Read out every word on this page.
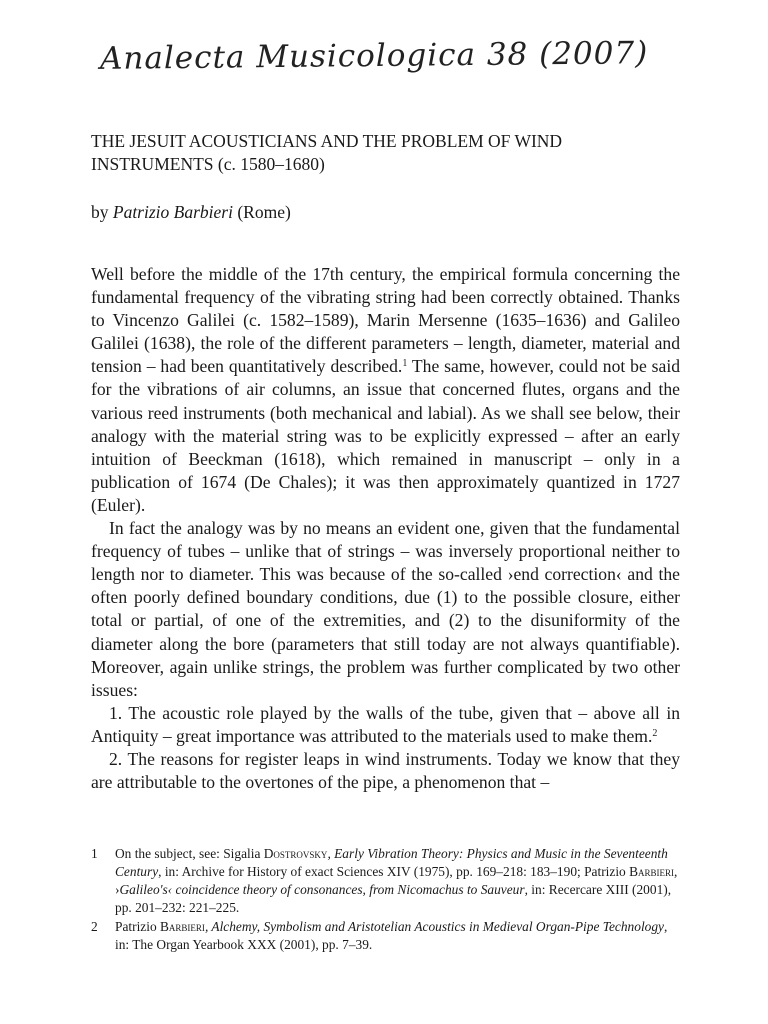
Analecta Musicologica 38 (2007)
THE JESUIT ACOUSTICIANS AND THE PROBLEM OF WIND INSTRUMENTS (c. 1580–1680)
by Patrizio Barbieri (Rome)

Well before the middle of the 17th century, the empirical formula concerning the fundamental frequency of the vibrating string had been correctly obtained. Thanks to Vincenzo Galilei (c. 1582–1589), Marin Mersenne (1635–1636) and Galileo Galilei (1638), the role of the different parameters – length, diameter, material and tension – had been quantitatively described.$^1$ The same, however, could not be said for the vibrations of air columns, an issue that concerned flutes, organs and the various reed instruments (both mechanical and labial). As we shall see below, their analogy with the material string was to be explicitly expressed – after an early intuition of Beeckman (1618), which remained in manuscript – only in a publication of 1674 (De Chales); it was then approximately quantized in 1727 (Euler).

In fact the analogy was by no means an evident one, given that the fundamental frequency of tubes – unlike that of strings – was inversely proportional neither to length nor to diameter. This was because of the so-called ›end correction‹ and the often poorly defined boundary conditions, due (1) to the possible closure, either total or partial, of one of the extremities, and (2) to the disuniformity of the diameter along the bore (parameters that still today are not always quantifiable). Moreover, again unlike strings, the problem was further complicated by two other issues:

1. The acoustic role played by the walls of the tube, given that – above all in Antiquity – great importance was attributed to the materials used to make them.$^2$

2. The reasons for register leaps in wind instruments. Today we know that they are attributable to the overtones of the pipe, a phenomenon that –

1 On the subject, see: Sigalia Dostrovsky, Early Vibration Theory: Physics and Music in the Seventeenth Century, in: Archive for History of exact Sciences XIV (1975), pp. 169–218: 183–190; Patrizio Barbieri, ›Galileo's‹ coincidence theory of consonances, from Nicomachus to Sauveur, in: Recercare XIII (2001), pp. 201–232: 221–225.
2 Patrizio Barbieri, Alchemy, Symbolism and Aristotelian Acoustics in Medieval Organ-Pipe Technology, in: The Organ Yearbook XXX (2001), pp. 7–39.
